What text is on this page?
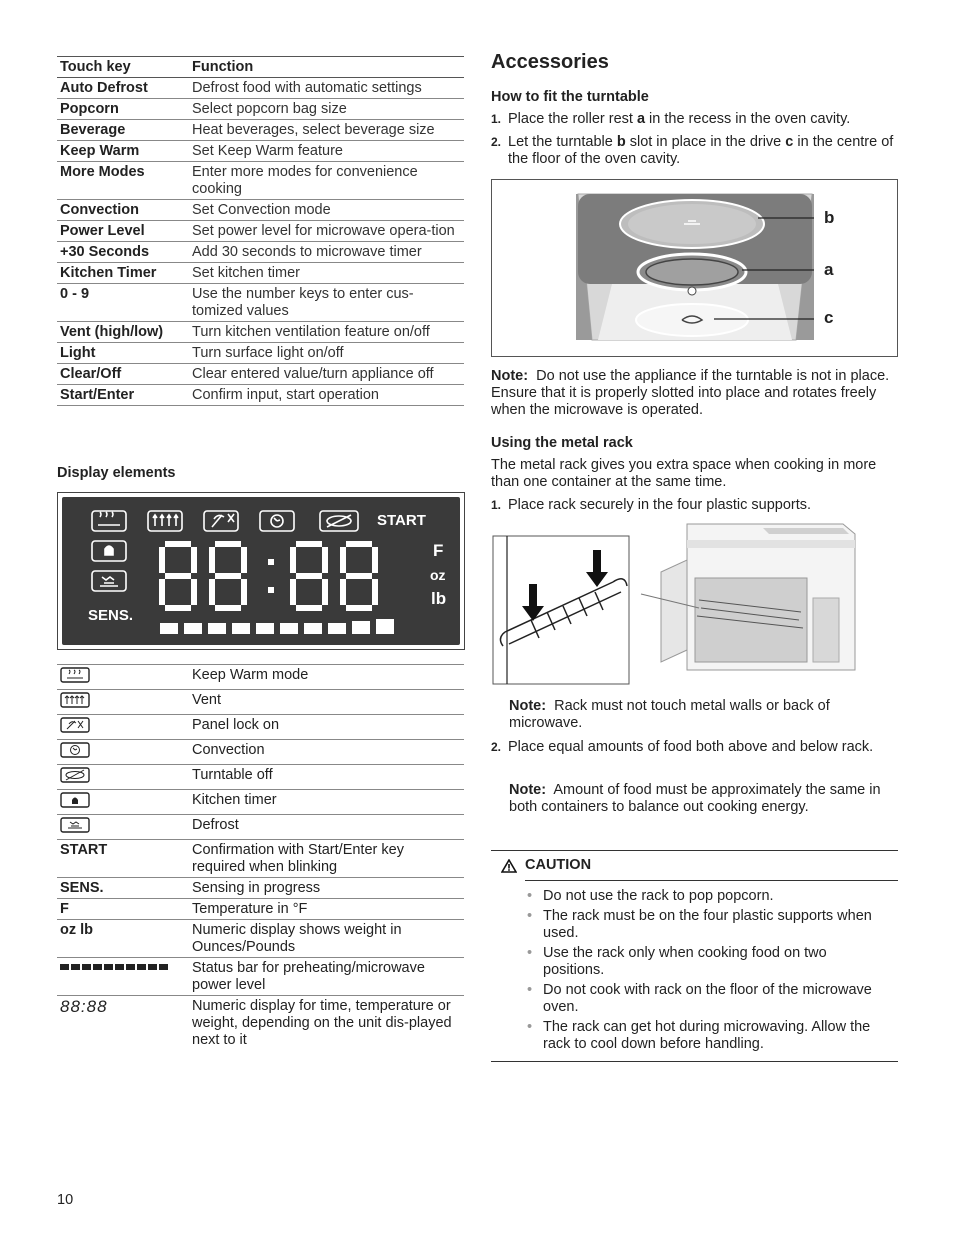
Touch key	Function
Auto Defrost	Defrost food with automatic settings
Popcorn	Select popcorn bag size
Beverage	Heat beverages, select beverage size
Keep Warm	Set Keep Warm feature
More Modes	Enter more modes for convenience cooking
Convection	Set Convection mode
Power Level	Set power level for microwave opera-tion
+30 Seconds	Add 30 seconds to microwave timer
Kitchen Timer	Set kitchen timer
0 - 9	Use the number keys to enter cus-tomized values
Vent (high/low)	Turn kitchen ventilation feature on/off
Light	Turn surface light on/off
Clear/Off	Clear entered value/turn appliance off
Start/Enter	Confirm input, start operation
Display elements
START
SENS.
F
oz
lb
	Keep Warm mode
	Vent
	Panel lock on
	Convection
	Turntable off
	Kitchen timer
	Defrost
START	Confirmation with Start/Enter key required when blinking
SENS.	Sensing in progress
F	Temperature in °F
oz lb	Numeric display shows weight in Ounces/Pounds
	Status bar for preheating/microwave power level
88:88	Numeric display for time, temperature or weight, depending on the unit dis-played next to it
Accessories
How to fit the turntable
1. Place the roller rest a in the recess in the oven cavity.
2. Let the turntable b slot in place in the drive c in the centre of the floor of the oven cavity.
b
a
c
Note: Do not use the appliance if the turntable is not in place. Ensure that it is properly slotted into place and rotates freely when the microwave is operated.
Using the metal rack
The metal rack gives you extra space when cooking in more than one container at the same time.
1. Place rack securely in the four plastic supports.
Note: Rack must not touch metal walls or back of microwave.
2. Place equal amounts of food both above and below rack.
Note: Amount of food must be approximately the same in both containers to balance out cooking energy.
CAUTION
• Do not use the rack to pop popcorn.
• The rack must be on the four plastic supports when used.
• Use the rack only when cooking food on two positions.
• Do not cook with rack on the floor of the microwave oven.
• The rack can get hot during microwaving. Allow the rack to cool down before handling.
10
